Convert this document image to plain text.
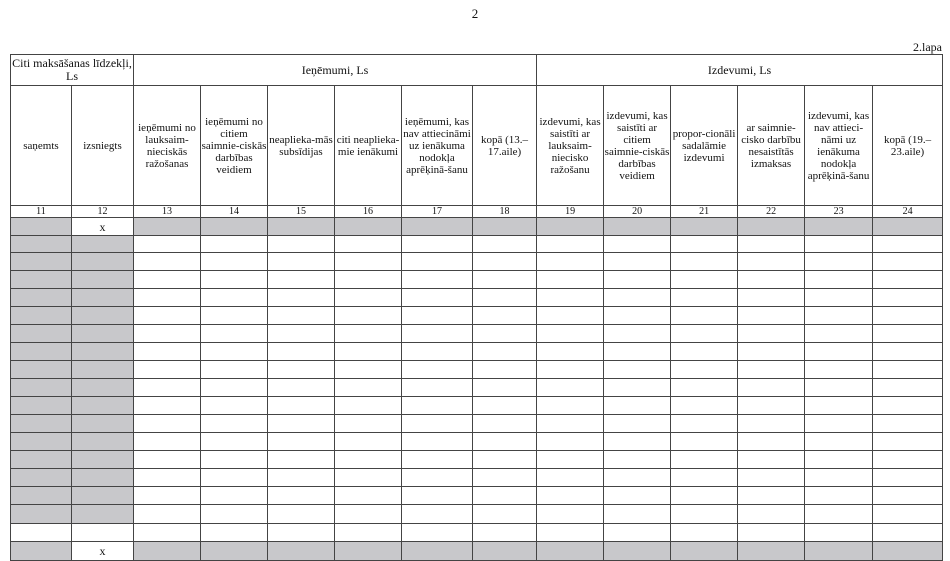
2
2.lapa
Citi maksāšanas līdzekļi, Ls		Ieņēmumi, Ls						Izdevumi, Ls					
saņemts	izsniegts	ieņēmumi no lauksaim-nieciskās ražošanas	ieņēmumi no citiem saimnie-ciskās darbības veidiem	neaplieka-mās subsīdijas	citi neaplieka-mie ienākumi	ieņēmumi, kas nav attiecināmi uz ienākuma nodokļa aprēķinā-šanu	kopā (13.–17.aile)	izdevumi, kas saistīti ar lauksaim-niecisko ražošanu	izdevumi, kas saistīti ar citiem saimnie-ciskās darbības veidiem	propor-cionāli sadalāmie izdevumi	ar saimnie-cisko darbību nesaistītās izmaksas	izdevumi, kas nav attieci-nāmi uz ienākuma nodokļa aprēķinā-šanu	kopā (19.–23.aile)
11	12	13	14	15	16	17	18	19	20	21	22	23	24
	x												

	x												
